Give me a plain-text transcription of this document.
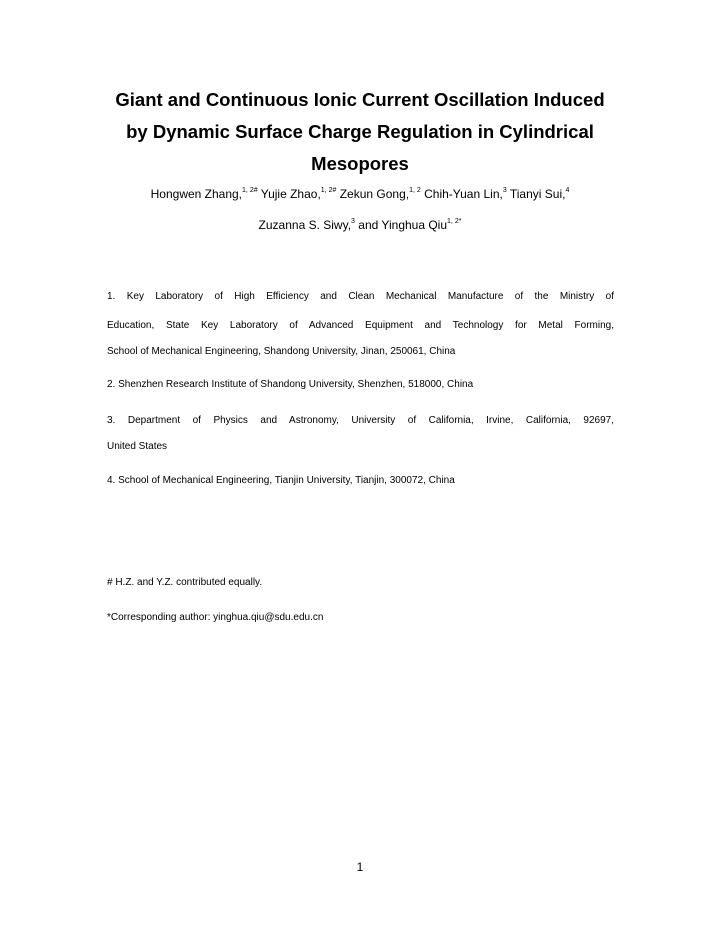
Giant and Continuous Ionic Current Oscillation Induced
by Dynamic Surface Charge Regulation in Cylindrical
Mesopores
Hongwen Zhang,$^{1, 2\#}$ Yujie Zhao,$^{1, 2\#}$ Zekun Gong,$^{1, 2}$ Chih-Yuan Lin,$^3$ Tianyi Sui,$^4$
Zuzanna S. Siwy,$^3$ and Yinghua Qiu$^{1, 2*}$
1. Key Laboratory of High Efficiency and Clean Mechanical Manufacture of the Ministry of
Education, State Key Laboratory of Advanced Equipment and Technology for Metal Forming,
School of Mechanical Engineering, Shandong University, Jinan, 250061, China
2. Shenzhen Research Institute of Shandong University, Shenzhen, 518000, China
3. Department of Physics and Astronomy, University of California, Irvine, California, 92697,
United States
4. School of Mechanical Engineering, Tianjin University, Tianjin, 300072, China
# H.Z. and Y.Z. contributed equally.
*Corresponding author: yinghua.qiu@sdu.edu.cn
1
